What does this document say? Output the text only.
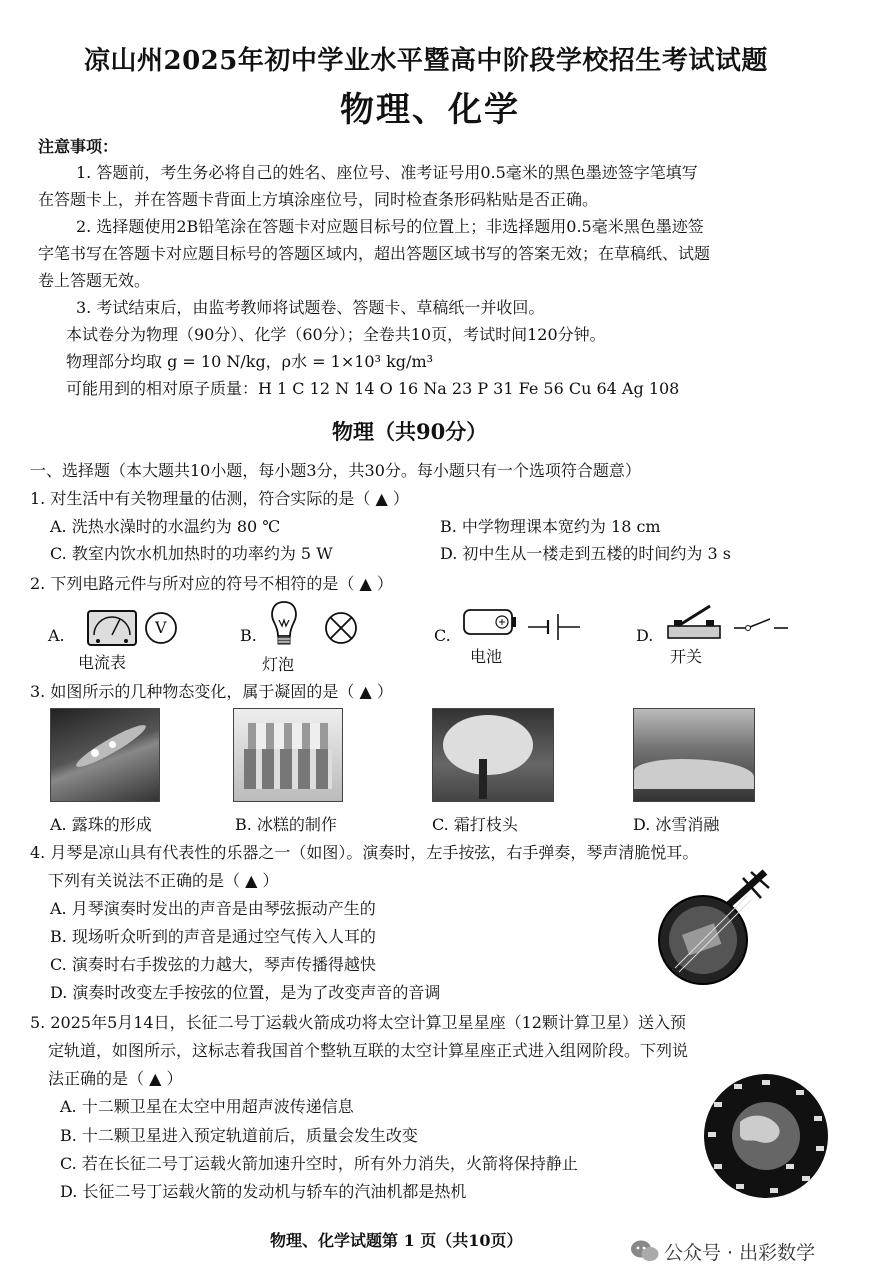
凉山州2025年初中学业水平暨高中阶段学校招生考试试题
物理、化学
注意事项：
1. 答题前，考生务必将自己的姓名、座位号、准考证号用0.5毫米的黑色墨迹签字笔填写
在答题卡上，并在答题卡背面上方填涂座位号，同时检查条形码粘贴是否正确。
2. 选择题使用2B铅笔涂在答题卡对应题目标号的位置上；非选择题用0.5毫米黑色墨迹签
字笔书写在答题卡对应题目标号的答题区域内，超出答题区域书写的答案无效；在草稿纸、试题
卷上答题无效。
3. 考试结束后，由监考教师将试题卷、答题卡、草稿纸一并收回。
本试卷分为物理（90分）、化学（60分）；全卷共10页，考试时间120分钟。
物理部分均取 g = 10 N/kg，ρ水 = 1×10³ kg/m³
可能用到的相对原子质量：H 1 C 12 N 14 O 16 Na 23 P 31 Fe 56 Cu 64 Ag 108
物理（共90分）
一、选择题（本大题共10小题，每小题3分，共30分。每小题只有一个选项符合题意）
1. 对生活中有关物理量的估测，符合实际的是（ ▲ ）
A. 洗热水澡时的水温约为 80 ℃	B. 中学物理课本宽约为 18 cm
C. 教室内饮水机加热时的功率约为 5 W	D. 初中生从一楼走到五楼的时间约为 3 s
2. 下列电路元件与所对应的符号不相符的是（ ▲ ）
A.	V
电流表
B.
灯泡
C.
电池
D.
开关
3. 如图所示的几种物态变化，属于凝固的是（ ▲ ）
A. 露珠的形成	B. 冰糕的制作	C. 霜打枝头	D. 冰雪消融
4. 月琴是凉山具有代表性的乐器之一（如图）。演奏时，左手按弦，右手弹奏，琴声清脆悦耳。
下列有关说法不正确的是（ ▲ ）
A. 月琴演奏时发出的声音是由琴弦振动产生的
B. 现场听众听到的声音是通过空气传入人耳的
C. 演奏时右手拨弦的力越大，琴声传播得越快
D. 演奏时改变左手按弦的位置，是为了改变声音的音调
5. 2025年5月14日，长征二号丁运载火箭成功将太空计算卫星星座（12颗计算卫星）送入预
定轨道，如图所示，这标志着我国首个整轨互联的太空计算星座正式进入组网阶段。下列说
法正确的是（ ▲ ）
A. 十二颗卫星在太空中用超声波传递信息
B. 十二颗卫星进入预定轨道前后，质量会发生改变
C. 若在长征二号丁运载火箭加速升空时，所有外力消失，火箭将保持静止
D. 长征二号丁运载火箭的发动机与轿车的汽油机都是热机
物理、化学试题第 1 页（共10页）
公众号 · 出彩数学
